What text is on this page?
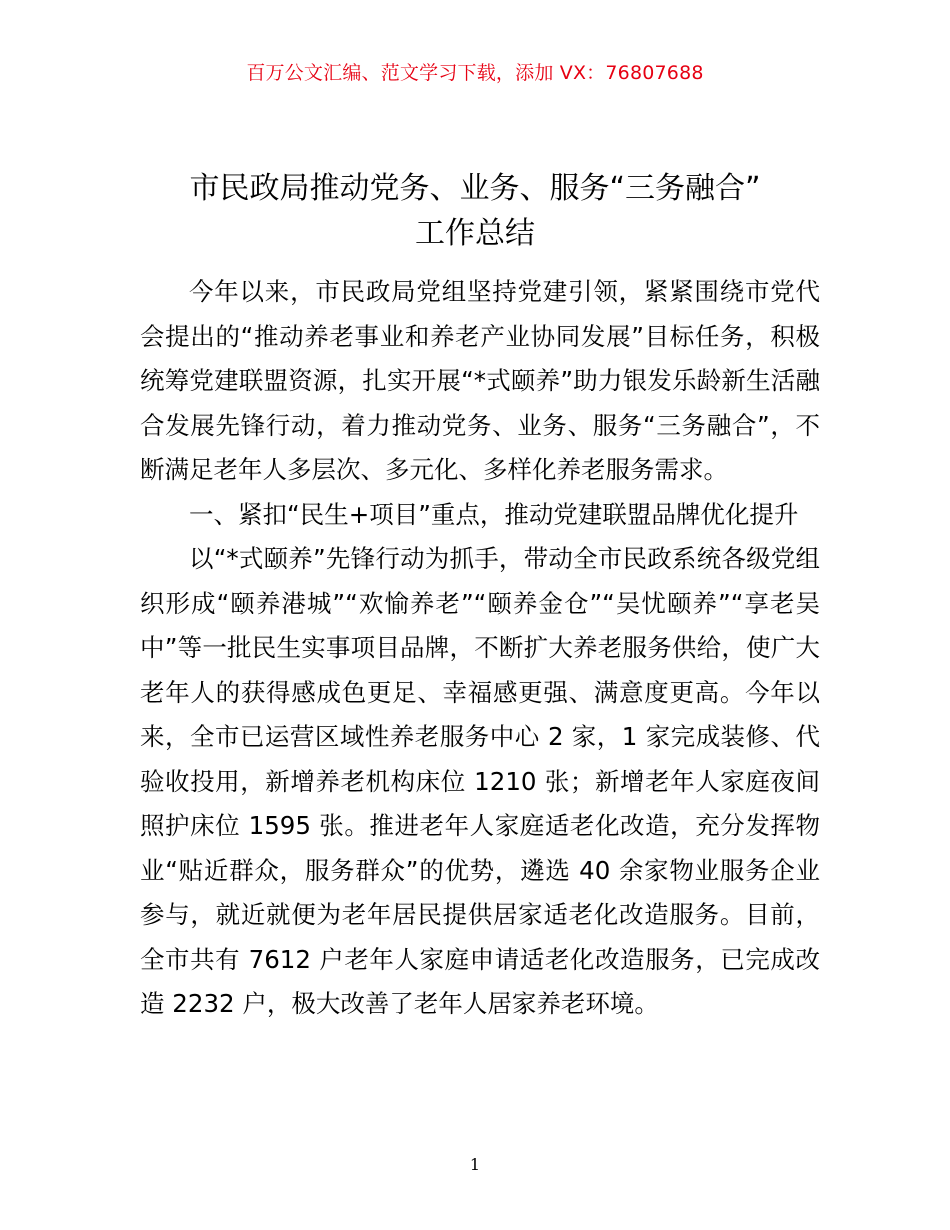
百万公文汇编、范文学习下载，添加 VX：76807688
市民政局推动党务、业务、服务“三务融合”
工作总结

今年以来，市民政局党组坚持党建引领，紧紧围绕市党代会提出的“推动养老事业和养老产业协同发展”目标任务，积极统筹党建联盟资源，扎实开展“*式颐养”助力银发乐龄新生活融合发展先锋行动，着力推动党务、业务、服务“三务融合”，不断满足老年人多层次、多元化、多样化养老服务需求。

一、紧扣“民生+项目”重点，推动党建联盟品牌优化提升

以“*式颐养”先锋行动为抓手，带动全市民政系统各级党组织形成“颐养港城”“欢愉养老”“颐养金仓”“吴忧颐养”“享老吴中”等一批民生实事项目品牌，不断扩大养老服务供给，使广大老年人的获得感成色更足、幸福感更强、满意度更高。今年以来，全市已运营区域性养老服务中心 2 家，1 家完成装修、代验收投用，新增养老机构床位 1210 张；新增老年人家庭夜间照护床位 1595 张。推进老年人家庭适老化改造，充分发挥物业“贴近群众，服务群众”的优势，遴选 40 余家物业服务企业参与，就近就便为老年居民提供居家适老化改造服务。目前，全市共有 7612 户老年人家庭申请适老化改造服务，已完成改造 2232 户，极大改善了老年人居家养老环境。

1
